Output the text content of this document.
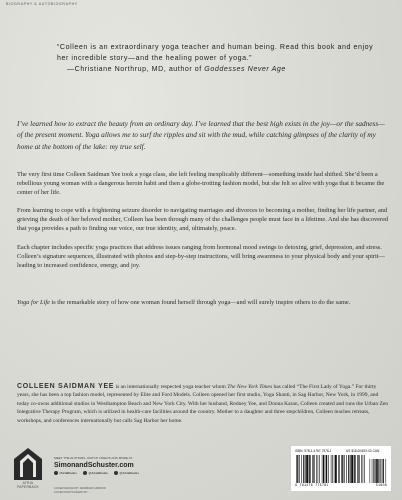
BIOGRAPHY & AUTOBIOGRAPHY
“Colleen is an extraordinary yoga teacher and human being. Read this book and enjoy her incredible story—and the healing power of yoga.”
—Christiane Northrup, MD, author of Goddesses Never Age
I’ve learned how to extract the beauty from an ordinary day. I’ve learned that the best high exists in the joy—or the sadness—of the present moment. Yoga allows me to surf the ripples and sit with the mud, while catching glimpses of the clarity of my home at the bottom of the lake: my true self.

The very first time Colleen Saidman Yee took a yoga class, she left feeling inexplicably different—something inside had shifted. She’d been a rebellious young woman with a dangerous heroin habit and then a globe-trotting fashion model, but she felt so alive with yoga that it became the center of her life.

From learning to cope with a frightening seizure disorder to navigating marriages and divorces to becoming a mother, finding her life partner, and grieving the death of her beloved mother, Colleen has been through many of the challenges people must face in a lifetime. And she has discovered that yoga provides a path to finding our voice, our true identity, and, ultimately, peace.

Each chapter includes specific yoga practices that address issues ranging from hormonal mood swings to detoxing, grief, depression, and stress. Colleen’s signature sequences, illustrated with photos and step-by-step instructions, will bring awareness to your physical body and your spirit—leading to increased confidence, energy, and joy.

Yoga for Life is the remarkable story of how one woman found herself through yoga—and will surely inspire others to do the same.

COLLEEN SAIDMAN YEE is an internationally respected yoga teacher whom The New York Times has called “The First Lady of Yoga.” For thirty years, she has been a top fashion model, represented by Elite and Ford Models. Colleen opened her first studio, Yoga Shanti, in Sag Harbor, New York, in 1999, and today co-owns additional studios in Westhampton Beach and New York City. With her husband, Rodney Yee, and Donna Karan, Colleen created and runs the Urban Zen Integrative Therapy Program, which is utilized in health-care facilities around the country. Mother to a daughter and three stepchildren, Colleen teaches retreats, workshops, and conferences internationally but calls Sag Harbor her home.
ATRIA
PAPERBACK
MEET THE AUTHORS, WATCH VIDEOS AND MORE AT
SimonandSchuster.com
/AtriaBooks	@AtriaBooks	@AtriaBooks
COVER DESIGN BY JENNIFER CARROW
COVER PHOTOGRAPH BY ...
ISBN: 978-1-4767-7578-1	US $16.00/$19.00 CAN
9 781476 775781	51600
